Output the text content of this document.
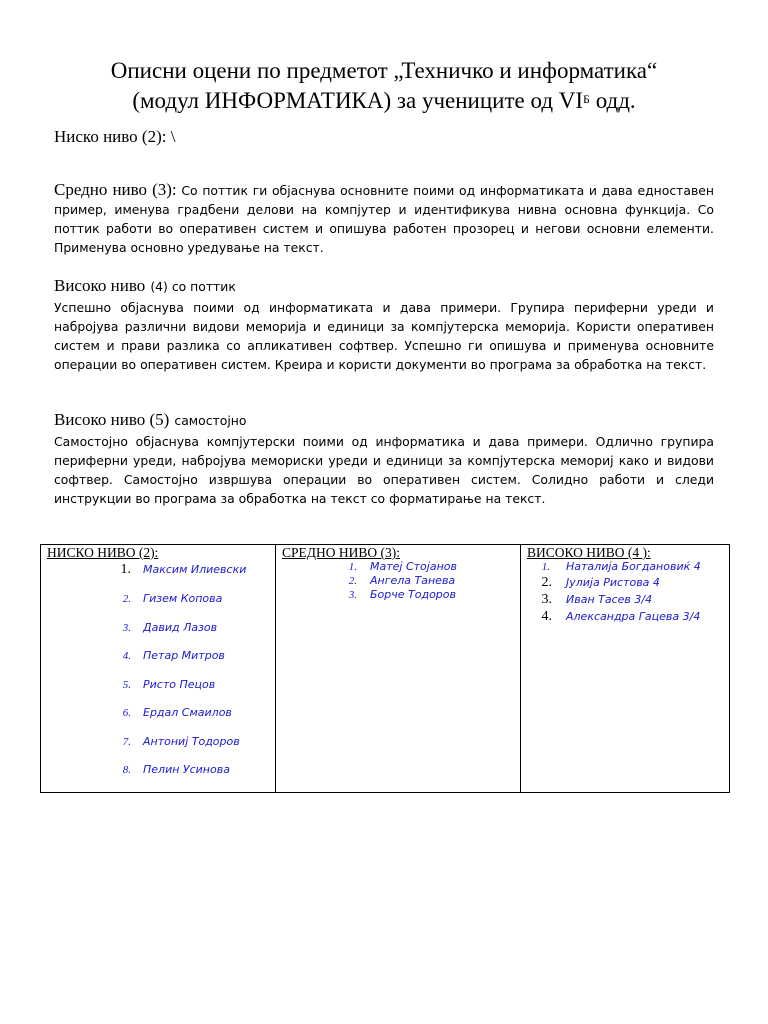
Описни оцени по предметот „Техничко и информатика“
(модул ИНФОРМАТИКА) за учениците од $VI^Б$ одд.
Ниско ниво (2): \
Средно ниво (3): Со поттик ги објаснува основните поими од информатиката и дава едноставен пример, именува градбени делови на компјутер и идентификува нивна основна функција. Со поттик работи во оперативен систем и опишува работен прозорец и негови основни елементи. Применува основно уредување на текст.
Високо ниво (4) со поттик
Успешно објаснува поими од информатиката и дава примери. Групира периферни уреди и набројува различни видови меморија и единици за компјутерска меморија. Користи оперативен систем и прави разлика со апликативен софтвер. Успешно ги опишува и применува основните операции во оперативен систем. Креира и користи документи во програма за обработка на текст.
Високо ниво (5) самостојно
Самостојно објаснува компјутерски поими од информатика и дава примери. Одлично групира периферни уреди, набројува мемориски уреди и единици за компјутерска мемориј како и видови софтвер. Самостојно извршува операции во оперативен систем. Солидно работи и следи инструкции во програма за обработка на текст со форматирање на текст.
НИСКО НИВО (2):
1. Максим Илиевски
2. Гизем Копова
3. Давид Лазов
4. Петар Митров
5. Ристо Пецов
6. Ердал Смаилов
7. Антониј Тодоров
8. Пелин Усинова

СРЕДНО НИВО (3):
1. Матеј Стојанов
2. Ангела Танева
3. Борче Тодоров

ВИСОКО НИВО (4 ):
1. Наталија Богдановиќ 4
2. Јулија Ристова 4
3. Иван Тасев 3/4
4. Александра Гацева 3/4
